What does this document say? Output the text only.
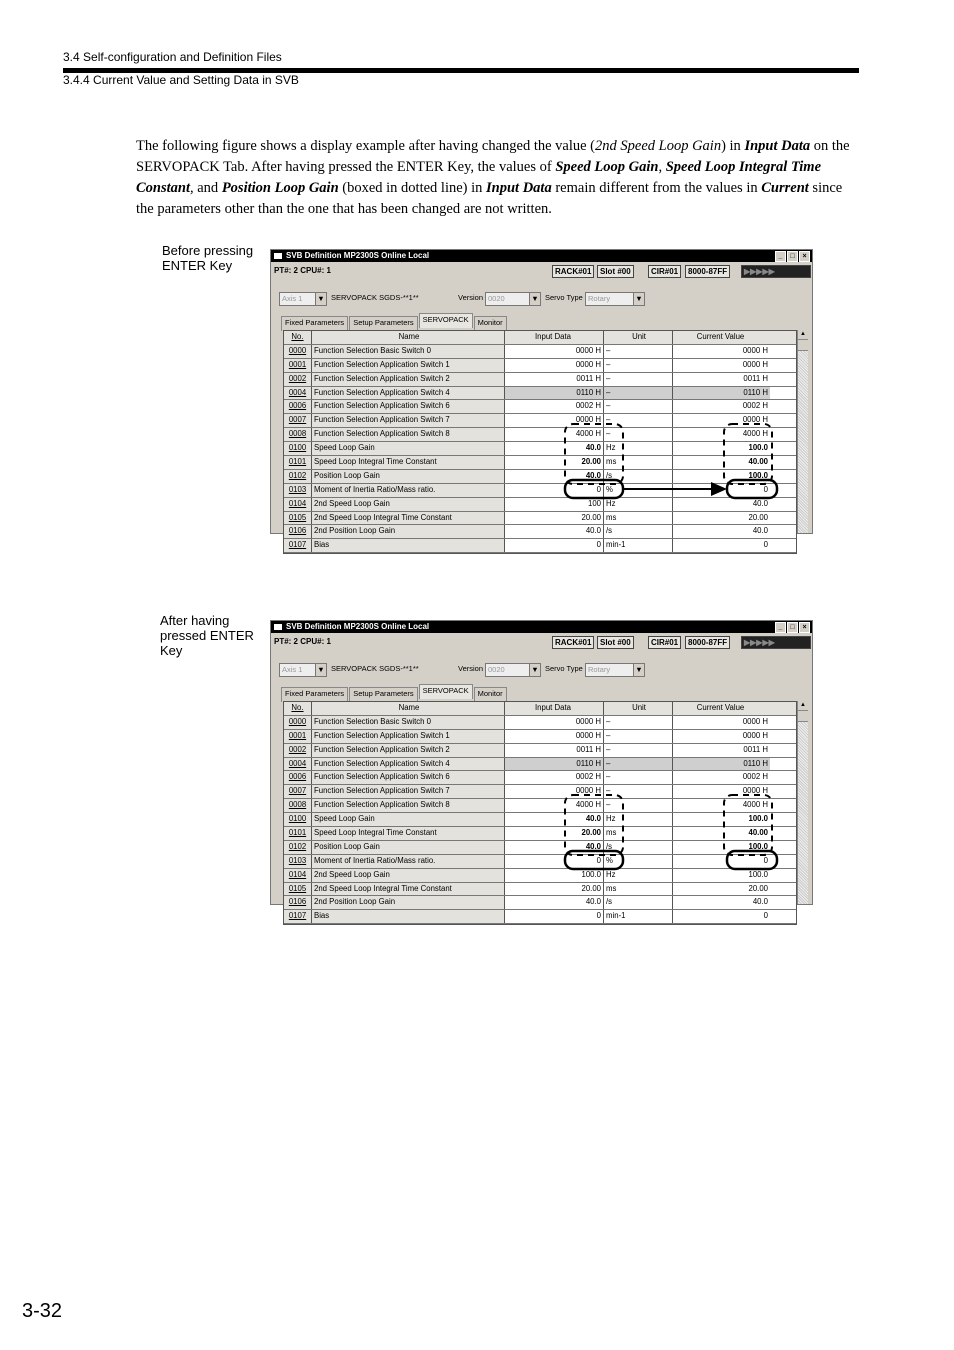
3.4 Self-configuration and Definition Files
3.4.4 Current Value and Setting Data in SVB
The following figure shows a display example after having changed the value (2nd Speed Loop Gain) in Input Data on the SERVOPACK Tab. After having pressed the ENTER Key, the values of Speed Loop Gain, Speed Loop Integral Time Constant, and Position Loop Gain (boxed in dotted line) in Input Data remain different from the values in Current since the parameters other than the one that has been changed are not written.
Before pressing
ENTER Key
After having
pressed ENTER
Key
SVB Definition MP2300S Online Local	_	□	×
PT#: 2 CPU#: 1	RACK#01	Slot #00	CIR#01	8000-87FF	▶▶▶▶▶
Axis 1	▼ SERVOPACK SGDS-**1**	Version 0020	▼ Servo Type Rotary	▼
Fixed Parameters	Setup Parameters	SERVOPACK	Monitor
No.	Name	Input Data	Unit	Current Value
0000	Function Selection Basic Switch 0	0000 H –	0000 H
0001	Function Selection Application Switch 1	0000 H –	0000 H
0002	Function Selection Application Switch 2	0011 H –	0011 H
0004	Function Selection Application Switch 4	0110 H –	0110 H
0006	Function Selection Application Switch 6	0002 H –	0002 H
0007	Function Selection Application Switch 7	0000 H –	0000 H
0008	Function Selection Application Switch 8	4000 H –	4000 H
0100	Speed Loop Gain	40.0 Hz	100.0
0101	Speed Loop Integral Time Constant	20.00 ms	40.00
0102	Position Loop Gain	40.0 /s	100.0
0103	Moment of Inertia Ratio/Mass ratio.	0 %	0
0104	2nd Speed Loop Gain	100 Hz	40.0
0105	2nd Speed Loop Integral Time Constant	20.00 ms	20.00
0106	2nd Position Loop Gain	40.0 /s	40.0
0107	Bias	0 min-1	0
▲
SVB Definition MP2300S Online Local	_	□	×
PT#: 2 CPU#: 1	RACK#01	Slot #00	CIR#01	8000-87FF	▶▶▶▶▶
Axis 1	▼ SERVOPACK SGDS-**1**	Version 0020	▼ Servo Type Rotary	▼
Fixed Parameters	Setup Parameters	SERVOPACK	Monitor
No.	Name	Input Data	Unit	Current Value
0000	Function Selection Basic Switch 0	0000 H –	0000 H
0001	Function Selection Application Switch 1	0000 H –	0000 H
0002	Function Selection Application Switch 2	0011 H –	0011 H
0004	Function Selection Application Switch 4	0110 H –	0110 H
0006	Function Selection Application Switch 6	0002 H –	0002 H
0007	Function Selection Application Switch 7	0000 H –	0000 H
0008	Function Selection Application Switch 8	4000 H –	4000 H
0100	Speed Loop Gain	40.0 Hz	100.0
0101	Speed Loop Integral Time Constant	20.00 ms	40.00
0102	Position Loop Gain	40.0 /s	100.0
0103	Moment of Inertia Ratio/Mass ratio.	0 %	0
0104	2nd Speed Loop Gain	100.0 Hz	100.0
0105	2nd Speed Loop Integral Time Constant	20.00 ms	20.00
0106	2nd Position Loop Gain	40.0 /s	40.0
0107	Bias	0 min-1	0
▲
3-32
